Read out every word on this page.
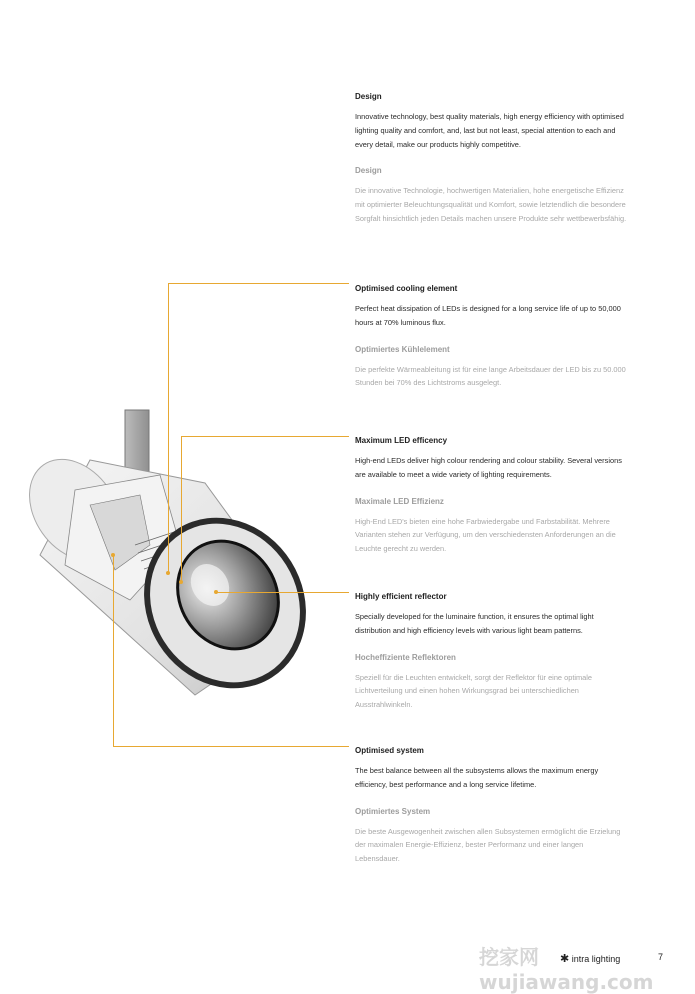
Design

Innovative technology, best quality materials, high energy efficiency with optimised lighting quality and comfort, and, last but not least, special attention to each and every detail, make our products highly competitive.

Design

Die innovative Technologie, hochwertigen Materialien, hohe energetische Effizienz mit optimierter Beleuchtungsqualität und Komfort, sowie letztendlich die besondere Sorgfalt hinsichtlich jeden Details machen unsere Produkte sehr wettbewerbsfähig.

Optimised cooling element

Perfect heat dissipation of LEDs is designed for a long service life of up to 50,000 hours at 70% luminous flux.

Optimiertes Kühlelement

Die perfekte Wärmeableitung ist für eine lange Arbeitsdauer der LED bis zu 50.000 Stunden bei 70% des Lichtstroms ausgelegt.

Maximum LED efficency

High-end LEDs deliver high colour rendering and colour stability. Several versions are available to meet a wide variety of lighting requirements.

Maximale LED Effizienz

High-End LED's bieten eine hohe Farbwiedergabe und Farbstabilität. Mehrere Varianten stehen zur Verfügung, um den verschiedensten Anforderungen an die Leuchte gerecht zu werden.

Highly efficient reflector

Specially developed for the luminaire function, it ensures the optimal light distribution and high efficiency levels with various light beam patterns.

Hocheffiziente Reflektoren

Speziell für die Leuchten entwickelt, sorgt der Reflektor für eine optimale Lichtverteilung und einen hohen Wirkungsgrad bei unterschiedlichen Ausstrahlwinkeln.

Optimised system

The best balance between all the subsystems allows the maximum energy efficiency, best performance and a long service lifetime.

Optimiertes System

Die beste Ausgewogenheit zwischen allen Subsystemen ermöglicht die Erzielung der maximalen Energie-Effizienz, bester Performanz und einer langen Lebensdauer.

挖家网 wujiawang.com
✱ intra lighting	7
